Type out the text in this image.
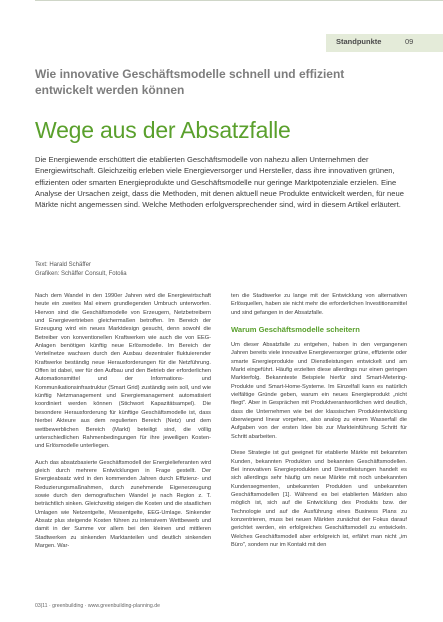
Standpunkte	09
Wie innovative Geschäftsmodelle schnell und effizient entwickelt werden können
Wege aus der Absatzfalle

Die Energiewende erschüttert die etablierten Geschäftsmodelle von nahezu allen Unternehmen der Energiewirtschaft. Gleichzeitig erleben viele Energieversorger und Hersteller, dass ihre innovativen grünen, effizienten oder smarten Energieprodukte und Geschäftsmodelle nur geringe Marktpotenziale erzielen. Eine Analyse der Ursachen zeigt, dass die Methoden, mit denen aktuell neue Produkte entwickelt werden, für neue Märkte nicht angemessen sind. Welche Methoden erfolgversprechender sind, wird in diesem Artikel erläutert.

Text: Harald Schäffer
Grafiken: Schäffer Consult, Fotolia

Nach dem Wandel in den 1990er Jahren wird die Energiewirtschaft heute ein zweites Mal einem grundlegenden Umbruch unterworfen. Hiervon sind die Geschäftsmodelle von Erzeugern, Netzbetreibern und Energievertrieben gleichermaßen betroffen. Im Bereich der Erzeugung wird ein neues Marktdesign gesucht, denn sowohl die Betreiber von konventionellen Kraftwerken wie auch die von EEG-Anlagen benötigen künftig neue Erlösmodelle. Im Bereich der Verteilnetze wachsen durch den Ausbau dezentraler fluktuierender Kraftwerke beständig neue Herausforderungen für die Netzführung. Offen ist dabei, wer für den Aufbau und den Betrieb der erforderlichen Automationsmittel und der Informations- und Kommunikationsinfrastruktur (Smart Grid) zuständig sein soll, und wie künftig Netzmanagement und Energiemanagement automatisiert koordiniert werden können (Stichwort Kapazitätsampel). Die besondere Herausforderung für künftige Geschäftsmodelle ist, dass hierbei Akteure aus dem regulierten Bereich (Netz) und dem wettbewerblichen Bereich (Markt) beteiligt sind, die völlig unterschiedlichen Rahmenbedingungen für ihre jeweiligen Kosten- und Erlösmodelle unterliegen.

Auch das absatzbasierte Geschäftsmodell der Energielieferanten wird gleich durch mehrere Entwicklungen in Frage gestellt. Der Energieabsatz wird in den kommenden Jahren durch Effizienz- und Reduzierungsmaßnahmen, durch zunehmende Eigenerzeugung sowie durch den demografischen Wandel je nach Region z. T. beträchtlich sinken. Gleichzeitig steigen die Kosten und die staatlichen Umlagen wie Netzentgelte, Messentgelte, EEG-Umlage. Sinkender Absatz plus steigende Kosten führen zu intensivem Wettbewerb und damit in der Summe vor allem bei den kleinen und mittleren Stadtwerken zu sinkenden Marktanteilen und deutlich sinkenden Margen. War-

ten die Stadtwerke zu lange mit der Entwicklung von alternativen Erlösquellen, haben sie nicht mehr die erforderlichen Investitionsmittel und sind gefangen in der Absatzfalle.

Warum Geschäftsmodelle scheitern

Um dieser Absatzfalle zu entgehen, haben in den vergangenen Jahren bereits viele innovative Energieversorger grüne, effiziente oder smarte Energieprodukte und Dienstleistungen entwickelt und am Markt eingeführt. Häufig erzielten diese allerdings nur einen geringen Markterfolg. Bekannteste Beispiele hierfür sind Smart-Metering-Produkte und Smart-Home-Systeme. Im Einzelfall kann es natürlich vielfältige Gründe geben, warum ein neues Energieprodukt „nicht fliegt". Aber in Gesprächen mit Produktverantwortlichen wird deutlich, dass die Unternehmen wie bei der klassischen Produktentwicklung überwiegend linear vorgehen, also analog zu einem Wasserfall die Aufgaben von der ersten Idee bis zur Markteinführung Schritt für Schritt abarbeiten.

Diese Strategie ist gut geeignet für etablierte Märkte mit bekannten Kunden, bekannten Produkten und bekannten Geschäftsmodellen. Bei innovativen Energieprodukten und Dienstleistungen handelt es sich allerdings sehr häufig um neue Märkte mit noch unbekannten Kundensegmenten, unbekannten Produkten und unbekannten Geschäftsmodellen [1]. Während es bei etablierten Märkten also möglich ist, sich auf die Entwicklung des Produkts bzw. der Technologie und auf die Ausführung eines Business Plans zu konzentrieren, muss bei neuen Märkten zunächst der Fokus darauf gerichtet werden, ein erfolgreiches Geschäftsmodell zu entwickeln. Welches Geschäftsmodell aber erfolgreich ist, erfährt man nicht „im Büro", sondern nur im Kontakt mit den

03|11 · greenbuilding · www.greenbuilding-planning.de
